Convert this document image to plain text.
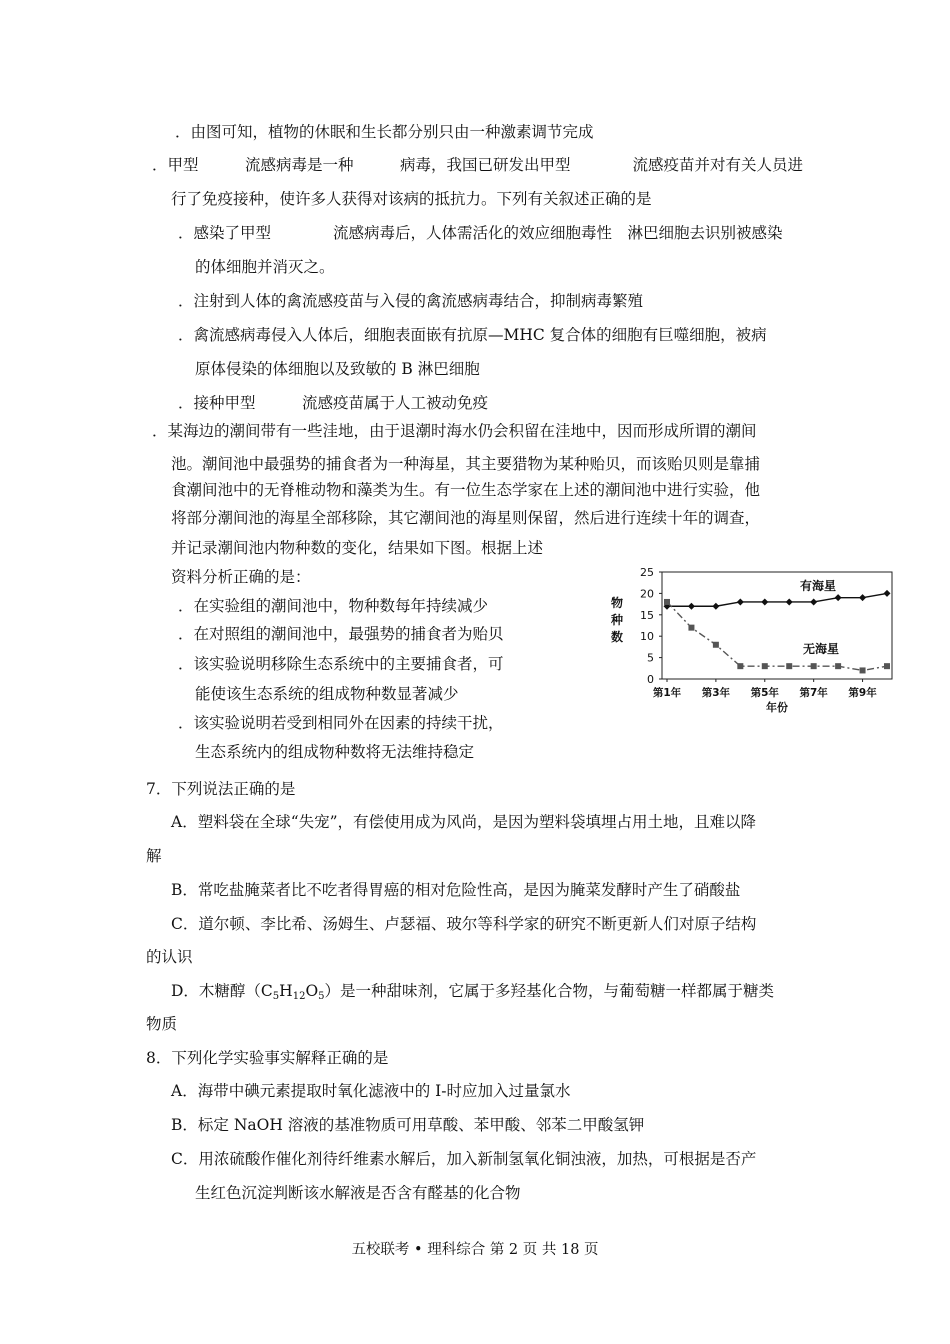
．由图可知，植物的休眠和生长都分别只由一种激素调节完成
．甲型　　　流感病毒是一种　　　病毒，我国已研发出甲型　　　　流感疫苗并对有关人员进
行了免疫接种，使许多人获得对该病的抵抗力。下列有关叙述正确的是
．感染了甲型　　　　流感病毒后，人体需活化的效应细胞毒性　淋巴细胞去识别被感染
的体细胞并消灭之。
．注射到人体的禽流感疫苗与入侵的禽流感病毒结合，抑制病毒繁殖
．禽流感病毒侵入人体后，细胞表面嵌有抗原—MHC 复合体的细胞有巨噬细胞，被病
原体侵染的体细胞以及致敏的 B 淋巴细胞
．接种甲型　　　流感疫苗属于人工被动免疫
．某海边的潮间带有一些洼地，由于退潮时海水仍会积留在洼地中，因而形成所谓的潮间
池。潮间池中最强势的捕食者为一种海星，其主要猎物为某种贻贝，而该贻贝则是靠捕
食潮间池中的无脊椎动物和藻类为生。有一位生态学家在上述的潮间池中进行实验，他
将部分潮间池的海星全部移除，其它潮间池的海星则保留，然后进行连续十年的调查，
并记录潮间池内物种数的变化，结果如下图。根据上述
资料分析正确的是：
．在实验组的潮间池中，物种数每年持续减少
．在对照组的潮间池中，最强势的捕食者为贻贝
．该实验说明移除生态系统中的主要捕食者，可
能使该生态系统的组成物种数显著减少
．该实验说明若受到相同外在因素的持续干扰，
生态系统内的组成物种数将无法维持稳定
7．下列说法正确的是
A．塑料袋在全球“失宠”，有偿使用成为风尚，是因为塑料袋填埋占用土地，且难以降
解
B．常吃盐腌菜者比不吃者得胃癌的相对危险性高，是因为腌菜发酵时产生了硝酸盐
C．道尔顿、李比希、汤姆生、卢瑟福、玻尔等科学家的研究不断更新人们对原子结构
的认识
D．木糖醇$(C_5H_{12}O_5)$是一种甜味剂，它属于多羟基化合物，与葡萄糖一样都属于糖类
物质
8．下列化学实验事实解释正确的是
A．海带中碘元素提取时氧化滤液中的 I-时应加入过量氯水
B．标定 NaOH 溶液的基准物质可用草酸、苯甲酸、邻苯二甲酸氢钾
C．用浓硫酸作催化剂待纤维素水解后，加入新制氢氧化铜浊液，加热，可根据是否产
生红色沉淀判断该水解液是否含有醛基的化合物
0
5
10
15
20
25
第1年 第3年 第5年 第7年 第9年
年份
物
种
数
有海星
无海星
五校联考 • 理科综合 第 2 页 共 18 页
